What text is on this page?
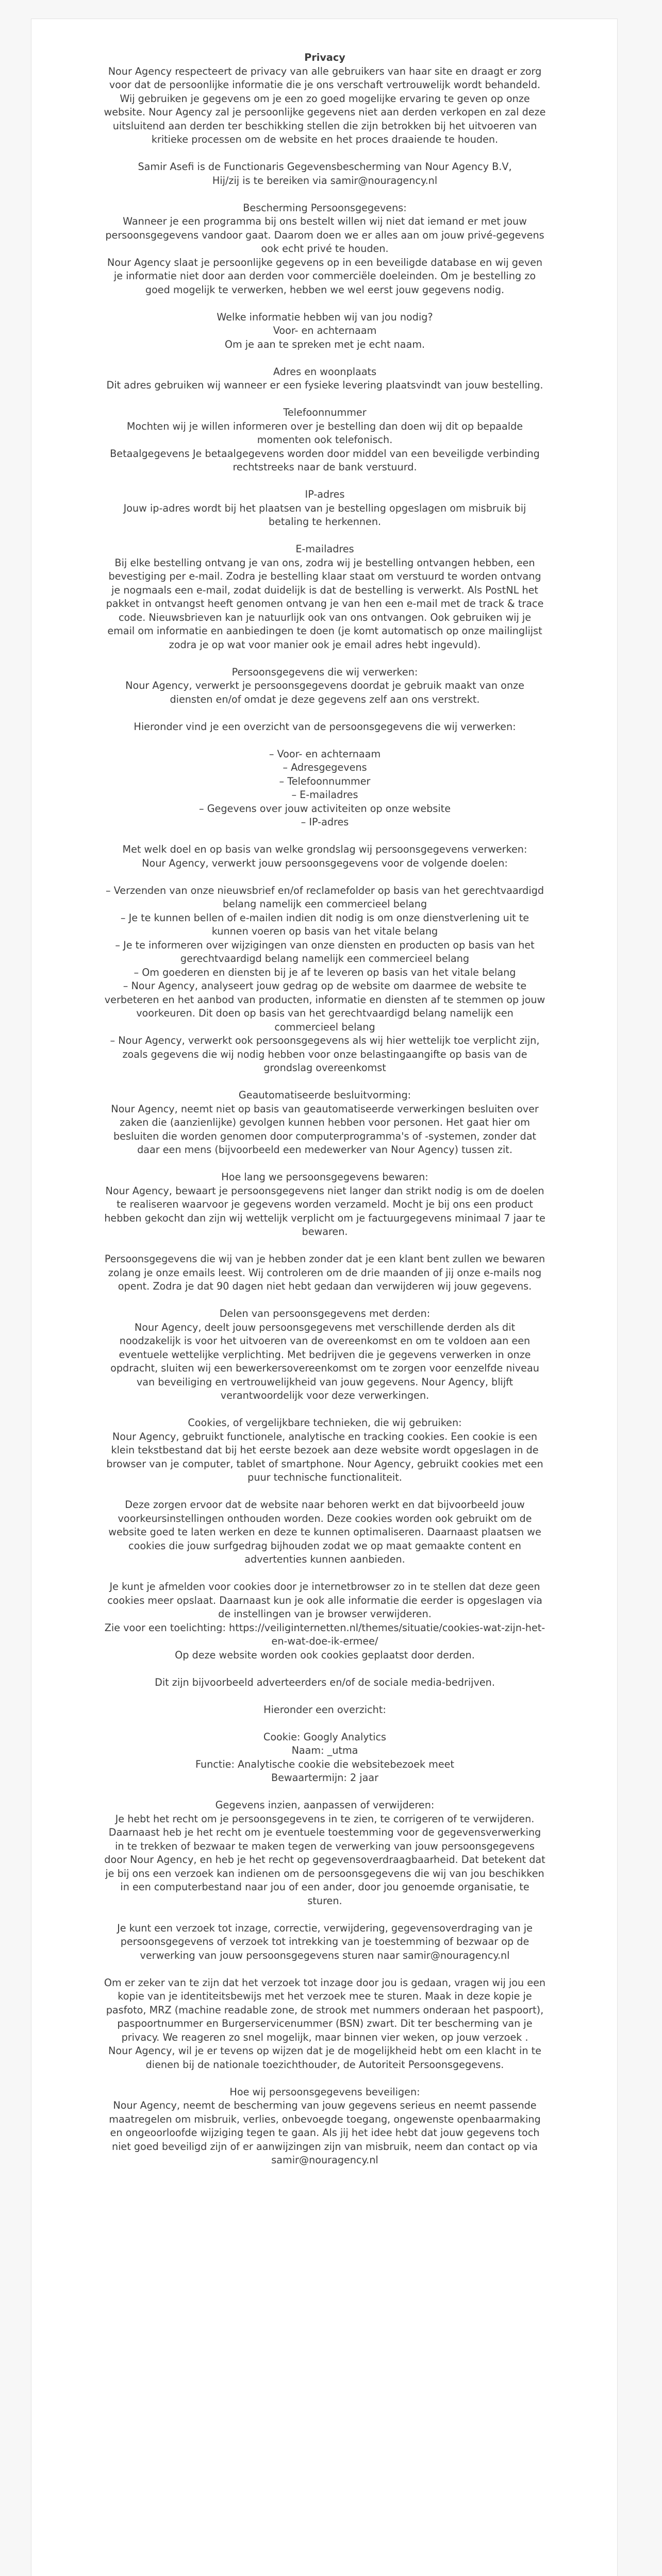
Privacy

Nour Agency respecteert de privacy van alle gebruikers van haar site en draagt er zorg voor dat de persoonlijke informatie die je ons verschaft vertrouwelijk wordt behandeld. Wij gebruiken je gegevens om je een zo goed mogelijke ervaring te geven op onze website. Nour Agency zal je persoonlijke gegevens niet aan derden verkopen en zal deze uitsluitend aan derden ter beschikking stellen die zijn betrokken bij het uitvoeren van kritieke processen om de website en het proces draaiende te houden.

Samir Asefi is de Functionaris Gegevensbescherming van Nour Agency B.V,
Hij/zij is te bereiken via samir@nouragency.nl

Bescherming Persoonsgegevens:
Wanneer je een programma bij ons bestelt willen wij niet dat iemand er met jouw persoonsgegevens vandoor gaat. Daarom doen we er alles aan om jouw privé-gegevens ook echt privé te houden.
Nour Agency slaat je persoonlijke gegevens op in een beveiligde database en wij geven je informatie niet door aan derden voor commerciële doeleinden. Om je bestelling zo goed mogelijk te verwerken, hebben we wel eerst jouw gegevens nodig.

Welke informatie hebben wij van jou nodig?
Voor- en achternaam
Om je aan te spreken met je echt naam.

Adres en woonplaats
Dit adres gebruiken wij wanneer er een fysieke levering plaatsvindt van jouw bestelling.

Telefoonnummer
Mochten wij je willen informeren over je bestelling dan doen wij dit op bepaalde momenten ook telefonisch.
Betaalgegevens Je betaalgegevens worden door middel van een beveiligde verbinding rechtstreeks naar de bank verstuurd.

IP-adres
Jouw ip-adres wordt bij het plaatsen van je bestelling opgeslagen om misbruik bij betaling te herkennen.

E-mailadres
Bij elke bestelling ontvang je van ons, zodra wij je bestelling ontvangen hebben, een bevestiging per e-mail. Zodra je bestelling klaar staat om verstuurd te worden ontvang je nogmaals een e-mail, zodat duidelijk is dat de bestelling is verwerkt. Als PostNL het pakket in ontvangst heeft genomen ontvang je van hen een e-mail met de track & trace code. Nieuwsbrieven kan je natuurlijk ook van ons ontvangen. Ook gebruiken wij je email om informatie en aanbiedingen te doen (je komt automatisch op onze mailinglijst zodra je op wat voor manier ook je email adres hebt ingevuld).

Persoonsgegevens die wij verwerken:
Nour Agency, verwerkt je persoonsgegevens doordat je gebruik maakt van onze diensten en/of omdat je deze gegevens zelf aan ons verstrekt.

Hieronder vind je een overzicht van de persoonsgegevens die wij verwerken:

– Voor- en achternaam
– Adresgegevens
– Telefoonnummer
– E-mailadres
– Gegevens over jouw activiteiten op onze website
– IP-adres

Met welk doel en op basis van welke grondslag wij persoonsgegevens verwerken:
Nour Agency, verwerkt jouw persoonsgegevens voor de volgende doelen:

– Verzenden van onze nieuwsbrief en/of reclamefolder op basis van het gerechtvaardigd belang namelijk een commercieel belang
– Je te kunnen bellen of e-mailen indien dit nodig is om onze dienstverlening uit te kunnen voeren op basis van het vitale belang
– Je te informeren over wijzigingen van onze diensten en producten op basis van het gerechtvaardigd belang namelijk een commercieel belang
– Om goederen en diensten bij je af te leveren op basis van het vitale belang
– Nour Agency, analyseert jouw gedrag op de website om daarmee de website te verbeteren en het aanbod van producten, informatie en diensten af te stemmen op jouw voorkeuren. Dit doen op basis van het gerechtvaardigd belang namelijk een commercieel belang
– Nour Agency, verwerkt ook persoonsgegevens als wij hier wettelijk toe verplicht zijn, zoals gegevens die wij nodig hebben voor onze belastingaangifte op basis van de grondslag overeenkomst

Geautomatiseerde besluitvorming:
Nour Agency, neemt niet op basis van geautomatiseerde verwerkingen besluiten over zaken die (aanzienlijke) gevolgen kunnen hebben voor personen. Het gaat hier om besluiten die worden genomen door computerprogramma's of -systemen, zonder dat daar een mens (bijvoorbeeld een medewerker van Nour Agency) tussen zit.

Hoe lang we persoonsgegevens bewaren:
Nour Agency, bewaart je persoonsgegevens niet langer dan strikt nodig is om de doelen te realiseren waarvoor je gegevens worden verzameld. Mocht je bij ons een product hebben gekocht dan zijn wij wettelijk verplicht om je factuurgegevens minimaal 7 jaar te bewaren.

Persoonsgegevens die wij van je hebben zonder dat je een klant bent zullen we bewaren zolang je onze emails leest. Wij controleren om de drie maanden of jij onze e-mails nog opent. Zodra je dat 90 dagen niet hebt gedaan dan verwijderen wij jouw gegevens.

Delen van persoonsgegevens met derden:
Nour Agency, deelt jouw persoonsgegevens met verschillende derden als dit noodzakelijk is voor het uitvoeren van de overeenkomst en om te voldoen aan een eventuele wettelijke verplichting. Met bedrijven die je gegevens verwerken in onze opdracht, sluiten wij een bewerkersovereenkomst om te zorgen voor eenzelfde niveau van beveiliging en vertrouwelijkheid van jouw gegevens. Nour Agency, blijft verantwoordelijk voor deze verwerkingen.

Cookies, of vergelijkbare technieken, die wij gebruiken:
Nour Agency, gebruikt functionele, analytische en tracking cookies. Een cookie is een klein tekstbestand dat bij het eerste bezoek aan deze website wordt opgeslagen in de browser van je computer, tablet of smartphone. Nour Agency, gebruikt cookies met een puur technische functionaliteit.

Deze zorgen ervoor dat de website naar behoren werkt en dat bijvoorbeeld jouw voorkeursinstellingen onthouden worden. Deze cookies worden ook gebruikt om de website goed te laten werken en deze te kunnen optimaliseren. Daarnaast plaatsen we cookies die jouw surfgedrag bijhouden zodat we op maat gemaakte content en advertenties kunnen aanbieden.

Je kunt je afmelden voor cookies door je internetbrowser zo in te stellen dat deze geen cookies meer opslaat. Daarnaast kun je ook alle informatie die eerder is opgeslagen via de instellingen van je browser verwijderen.
Zie voor een toelichting: https://veiliginternetten.nl/themes/situatie/cookies-wat-zijn-het-en-wat-doe-ik-ermee/
Op deze website worden ook cookies geplaatst door derden.

Dit zijn bijvoorbeeld adverteerders en/of de sociale media-bedrijven.

Hieronder een overzicht:

Cookie: Googly Analytics
Naam: _utma
Functie: Analytische cookie die websitebezoek meet
Bewaartermijn: 2 jaar

Gegevens inzien, aanpassen of verwijderen:
Je hebt het recht om je persoonsgegevens in te zien, te corrigeren of te verwijderen. Daarnaast heb je het recht om je eventuele toestemming voor de gegevensverwerking in te trekken of bezwaar te maken tegen de verwerking van jouw persoonsgegevens door Nour Agency, en heb je het recht op gegevensoverdraagbaarheid. Dat betekent dat je bij ons een verzoek kan indienen om de persoonsgegevens die wij van jou beschikken in een computerbestand naar jou of een ander, door jou genoemde organisatie, te sturen.

Je kunt een verzoek tot inzage, correctie, verwijdering, gegevensoverdraging van je persoonsgegevens of verzoek tot intrekking van je toestemming of bezwaar op de verwerking van jouw persoonsgegevens sturen naar samir@nouragency.nl

Om er zeker van te zijn dat het verzoek tot inzage door jou is gedaan, vragen wij jou een kopie van je identiteitsbewijs met het verzoek mee te sturen. Maak in deze kopie je pasfoto, MRZ (machine readable zone, de strook met nummers onderaan het paspoort), paspoortnummer en Burgerservicenummer (BSN) zwart. Dit ter bescherming van je privacy. We reageren zo snel mogelijk, maar binnen vier weken, op jouw verzoek .
Nour Agency, wil je er tevens op wijzen dat je de mogelijkheid hebt om een klacht in te dienen bij de nationale toezichthouder, de Autoriteit Persoonsgegevens.

Hoe wij persoonsgegevens beveiligen:
Nour Agency, neemt de bescherming van jouw gegevens serieus en neemt passende maatregelen om misbruik, verlies, onbevoegde toegang, ongewenste openbaarmaking en ongeoorloofde wijziging tegen te gaan. Als jij het idee hebt dat jouw gegevens toch niet goed beveiligd zijn of er aanwijzingen zijn van misbruik, neem dan contact op via samir@nouragency.nl
